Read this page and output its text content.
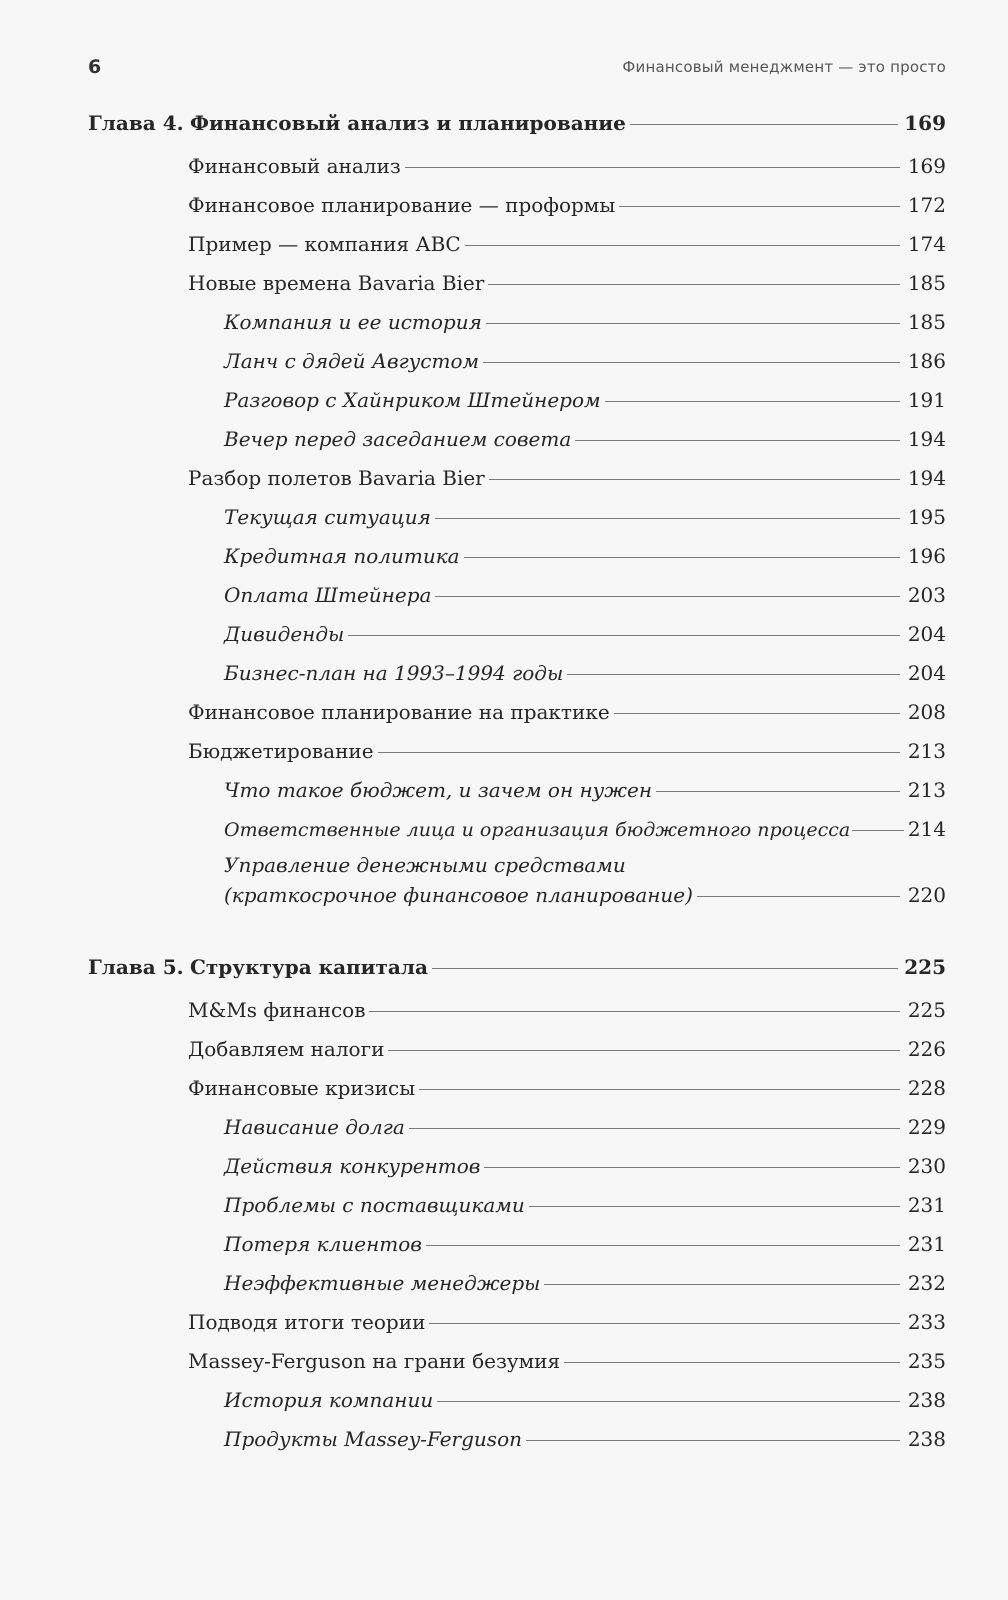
6	Финансовый менеджмент — это просто
Глава 4. Финансовый анализ и планирование	169
Финансовый анализ	169
Финансовое планирование — проформы	172
Пример — компания АВС	174
Новые времена Bavaria Bier	185
Компания и ее история	185
Ланч с дядей Августом	186
Разговор с Хайнриком Штейнером	191
Вечер перед заседанием совета	194
Разбор полетов Bavaria Bier	194
Текущая ситуация	195
Кредитная политика	196
Оплата Штейнера	203
Дивиденды	204
Бизнес-план на 1993–1994 годы	204
Финансовое планирование на практике	208
Бюджетирование	213
Что такое бюджет, и зачем он нужен	213
Ответственные лица и организация бюджетного процесса	214
Управление денежными средствами
(краткосрочное финансовое планирование)	220
Глава 5. Структура капитала	225
M&Ms финансов	225
Добавляем налоги	226
Финансовые кризисы	228
Нависание долга	229
Действия конкурентов	230
Проблемы с поставщиками	231
Потеря клиентов	231
Неэффективные менеджеры	232
Подводя итоги теории	233
Massey-Ferguson на грани безумия	235
История компании	238
Продукты Massey-Ferguson	238
